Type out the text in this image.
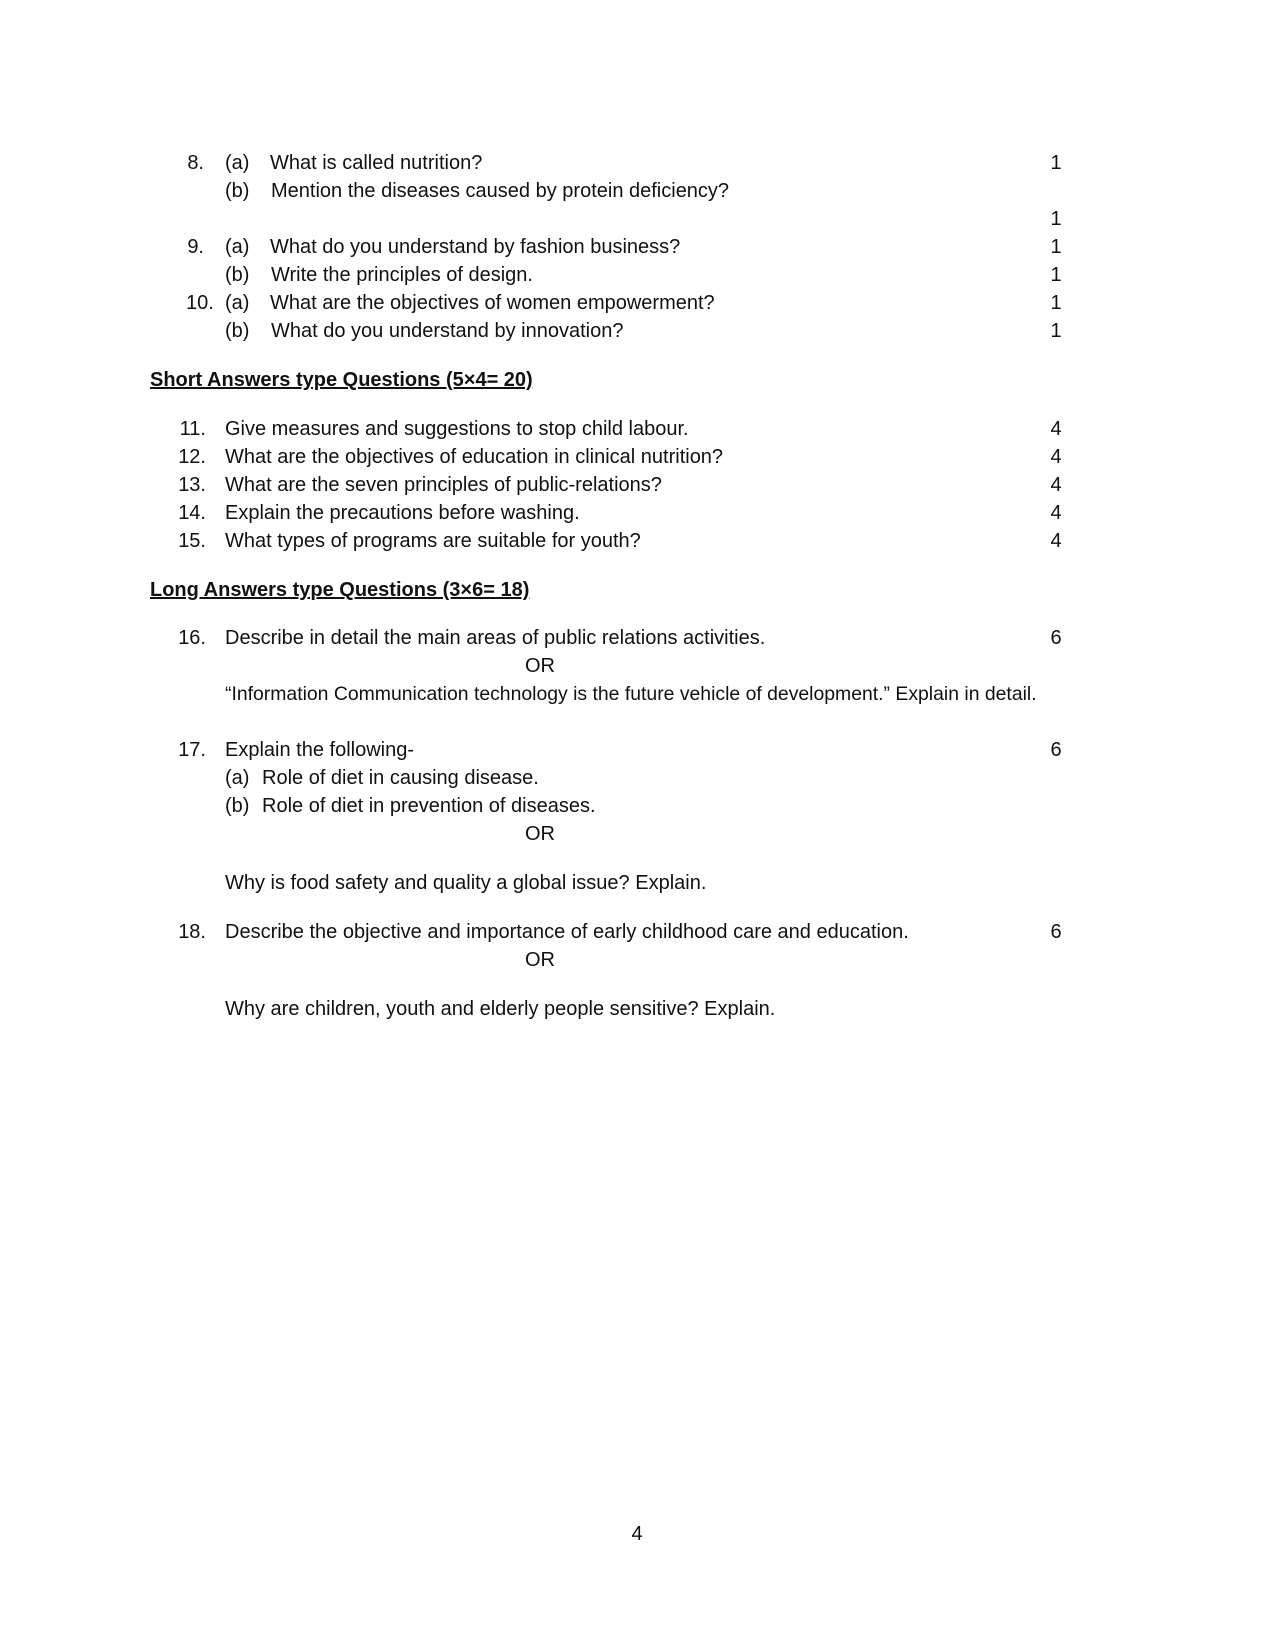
8. (a) What is called nutrition?	1
(b) Mention the diseases caused by protein deficiency?
1
9. (a) What do you understand by fashion business?	1
(b) Write the principles of design.	1
10. (a) What are the objectives of women empowerment?	1
(b) What do you understand by innovation?	1
Short Answers type Questions (5×4= 20)
11. Give measures and suggestions to stop child labour.	4
12. What are the objectives of education in clinical nutrition?	4
13. What are the seven principles of public-relations?	4
14. Explain the precautions before washing.	4
15. What types of programs are suitable for youth?	4
Long Answers type Questions (3×6= 18)
16. Describe in detail the main areas of public relations activities.	6
OR
“Information Communication technology is the future vehicle of development.” Explain in detail.
17. Explain the following-	6
(a) Role of diet in causing disease.
(b) Role of diet in prevention of diseases.
OR
Why is food safety and quality a global issue? Explain.
18. Describe the objective and importance of early childhood care and education.	6
OR
Why are children, youth and elderly people sensitive? Explain.
4
